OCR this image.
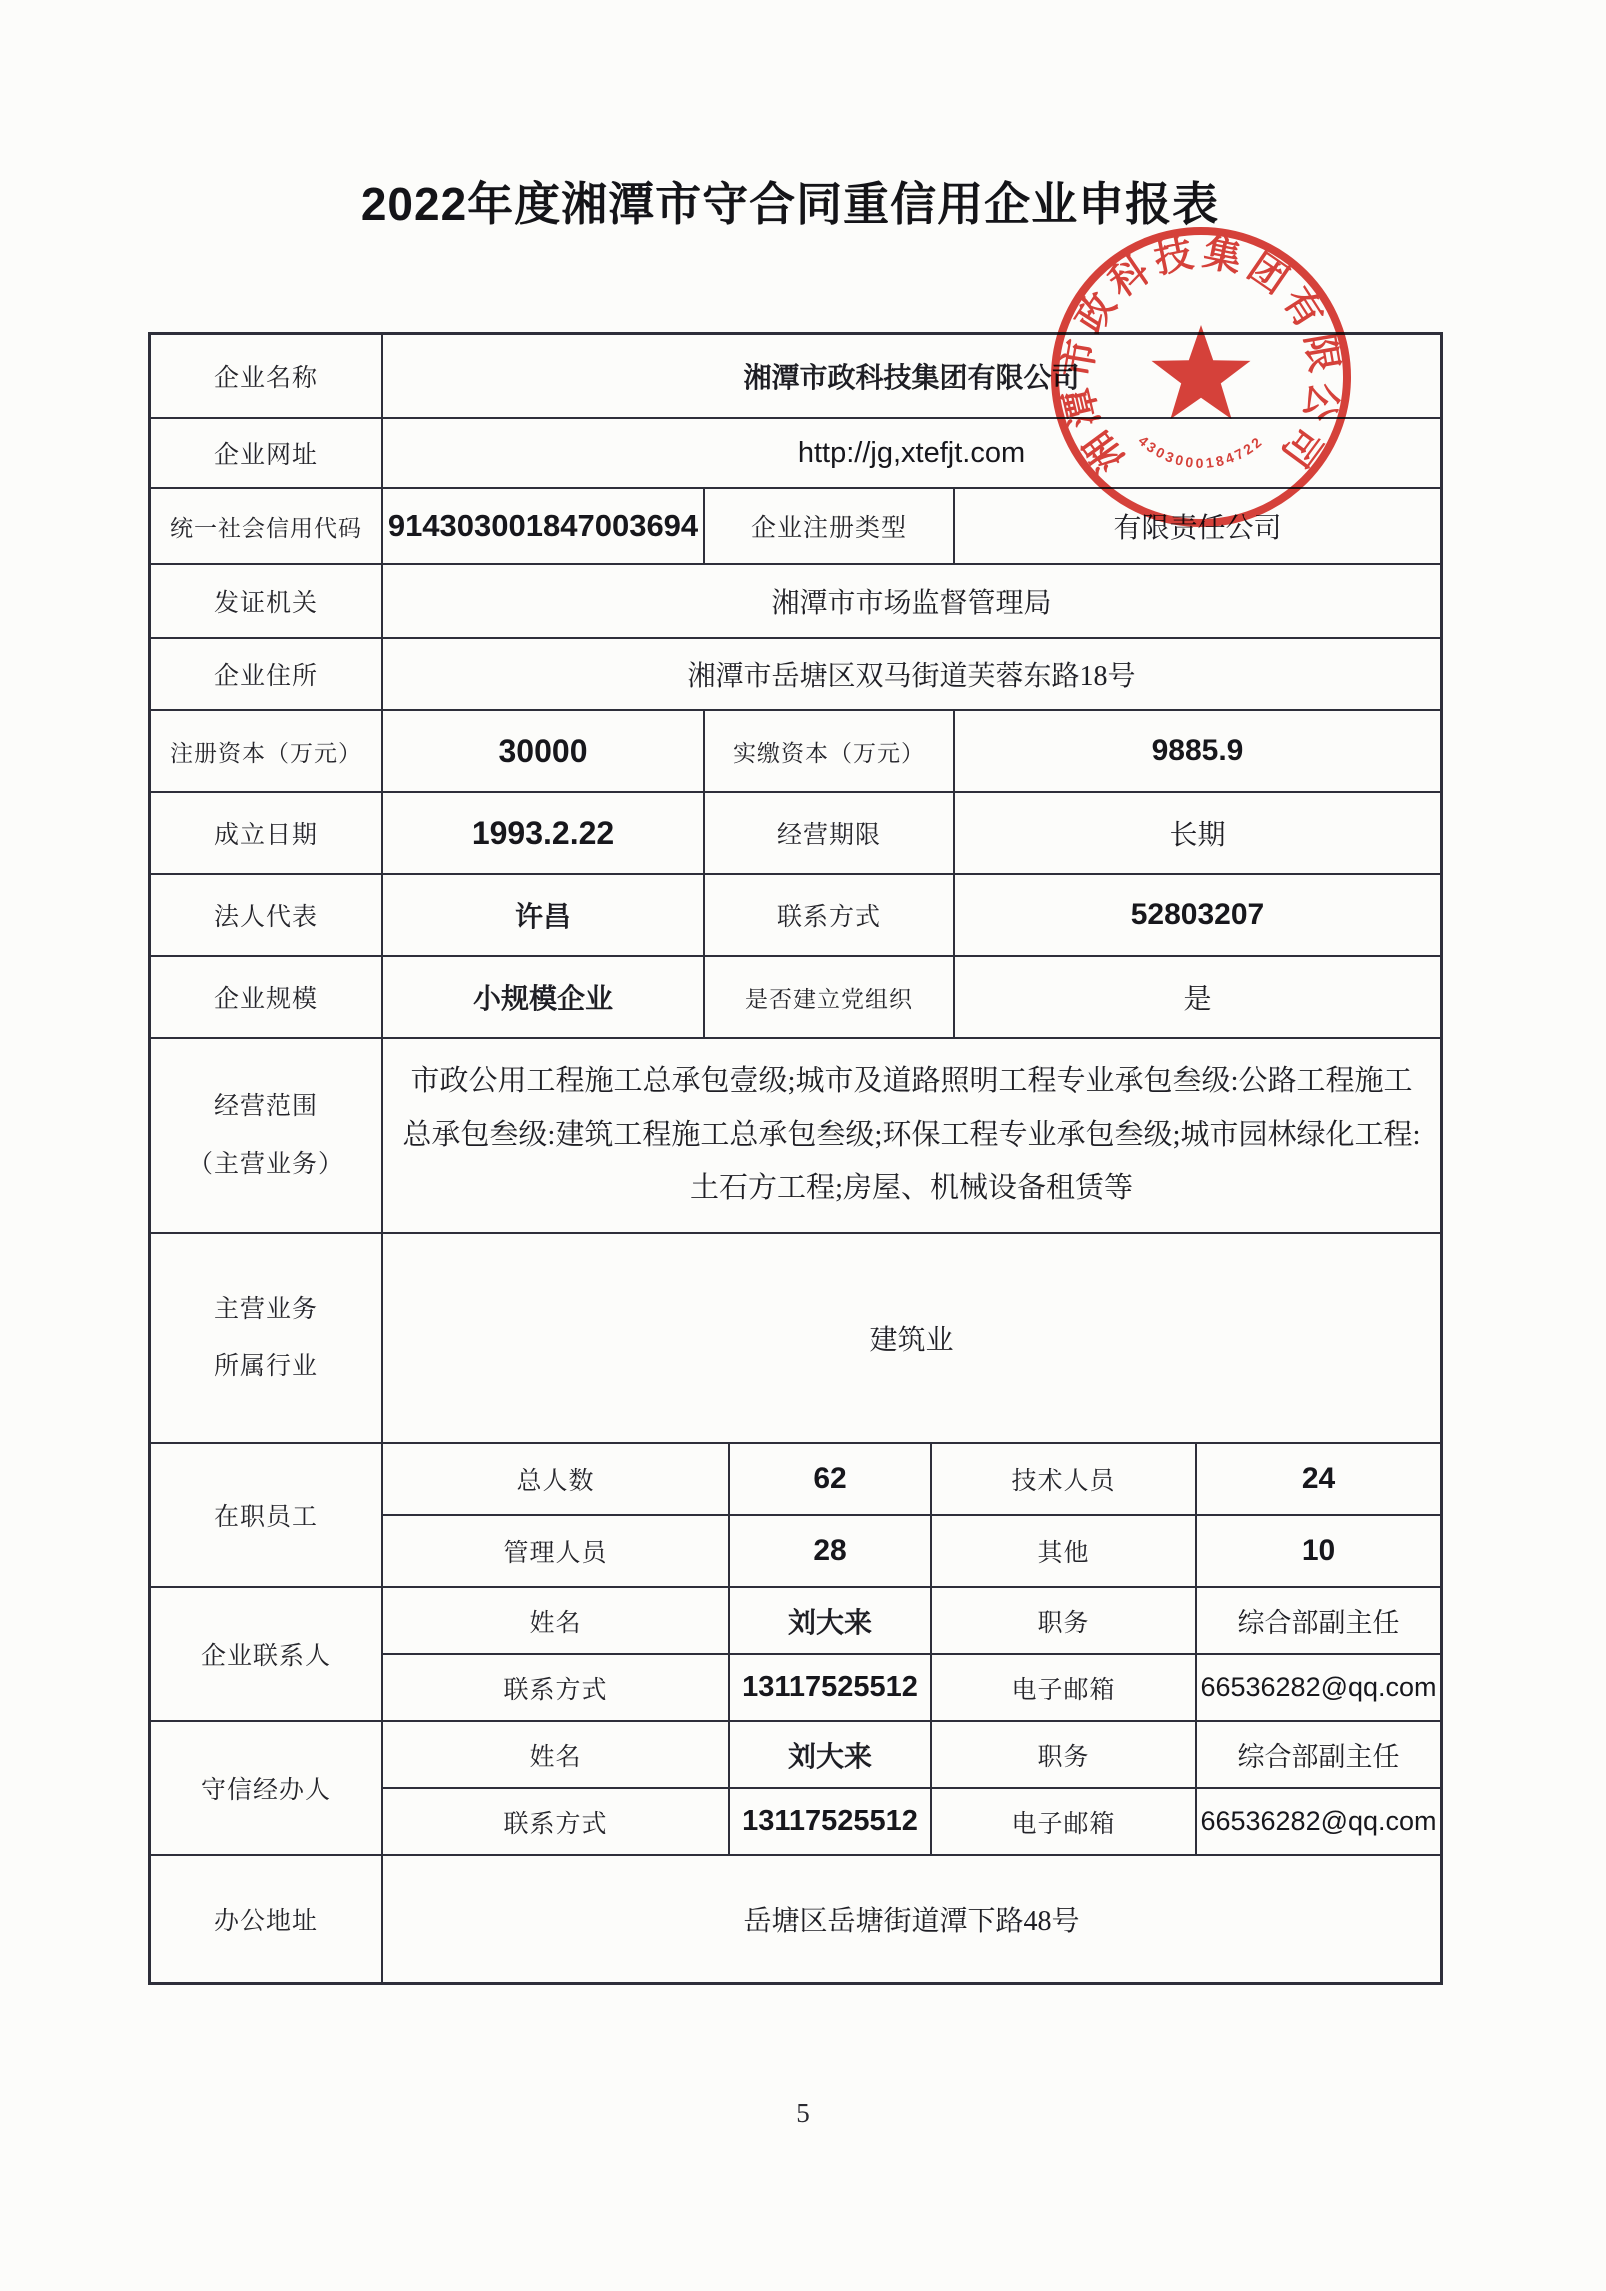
2022年度湘潭市守合同重信用企业申报表
企业名称	湘潭市政科技集团有限公司
企业网址	http://jg,xtefjt.com
统一社会信用代码 914303001847003694	企业注册类型	有限责任公司
发证机关	湘潭市市场监督管理局
企业住所	湘潭市岳塘区双马街道芙蓉东路18号
注册资本（万元）	30000	实缴资本（万元）	9885.9
成立日期	1993.2.22	经营期限	长期
法人代表	许昌	联系方式	52803207
企业规模	小规模企业	是否建立党组织	是
经营范围
（主营业务）
市政公用工程施工总承包壹级;城市及道路照明工程专业承包叁级:公路工程施工总承包叁级:建筑工程施工总承包叁级;环保工程专业承包叁级;城市园林绿化工程:土石方工程;房屋、机械设备租赁等
主营业务
所属行业
建筑业
在职员工
总人数	62	技术人员	24
管理人员	28	其他	10
企业联系人
姓名	刘大来	职务	综合部副主任
联系方式	13117525512	电子邮箱	66536282@qq.com
守信经办人
姓名	刘大来	职务	综合部副主任
联系方式	13117525512	电子邮箱	66536282@qq.com
办公地址	岳塘区岳塘街道潭下路48号
湘潭市政科技集团有限公司
4303000184722
5
